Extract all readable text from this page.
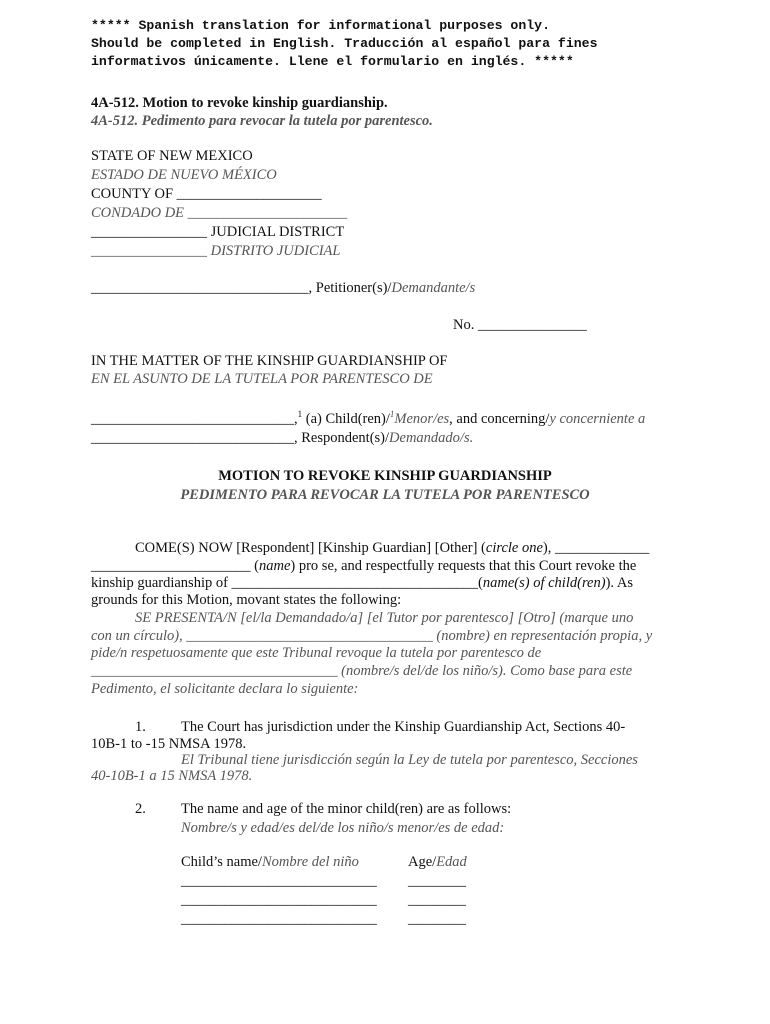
***** Spanish translation for informational purposes only.
Should be completed in English. Traducción al español para fines
informativos únicamente. Llene el formulario en inglés. *****
4A-512. Motion to revoke kinship guardianship.
4A-512. Pedimento para revocar la tutela por parentesco.
STATE OF NEW MEXICO
ESTADO DE NUEVO MÉXICO
COUNTY OF ____________________
CONDADO DE ______________________
________________ JUDICIAL DISTRICT
________________ DISTRITO JUDICIAL
______________________________, Petitioner(s)/Demandante/s
No. _______________
IN THE MATTER OF THE KINSHIP GUARDIANSHIP OF
EN EL ASUNTO DE LA TUTELA POR PARENTESCO DE
____________________________,$^1$ (a) Child(ren)/$^1$Menor/es, and concerning/y concerniente a
____________________________, Respondent(s)/Demandado/s.
MOTION TO REVOKE KINSHIP GUARDIANSHIP
PEDIMENTO PARA REVOCAR LA TUTELA POR PARENTESCO
COME(S) NOW [Respondent] [Kinship Guardian] [Other] (circle one), _____________
______________________ (name) pro se, and respectfully requests that this Court revoke the
kinship guardianship of __________________________________(name(s) of child(ren)). As
grounds for this Motion, movant states the following:
SE PRESENTA/N [el/la Demandado/a] [el Tutor por parentesco] [Otro] (marque uno
con un círculo), __________________________________ (nombre) en representación propia, y
pide/n respetuosamente que este Tribunal revoque la tutela por parentesco de
__________________________________ (nombre/s del/de los niño/s). Como base para este
Pedimento, el solicitante declara lo siguiente:
1. The Court has jurisdiction under the Kinship Guardianship Act, Sections 40-
10B-1 to -15 NMSA 1978.
El Tribunal tiene jurisdicción según la Ley de tutela por parentesco, Secciones
40-10B-1 a 15 NMSA 1978.
2. The name and age of the minor child(ren) are as follows:
Nombre/s y edad/es del/de los niño/s menor/es de edad:
Child’s name/Nombre del niño	Age/Edad
___________________________ ________
___________________________ ________
___________________________ ________
